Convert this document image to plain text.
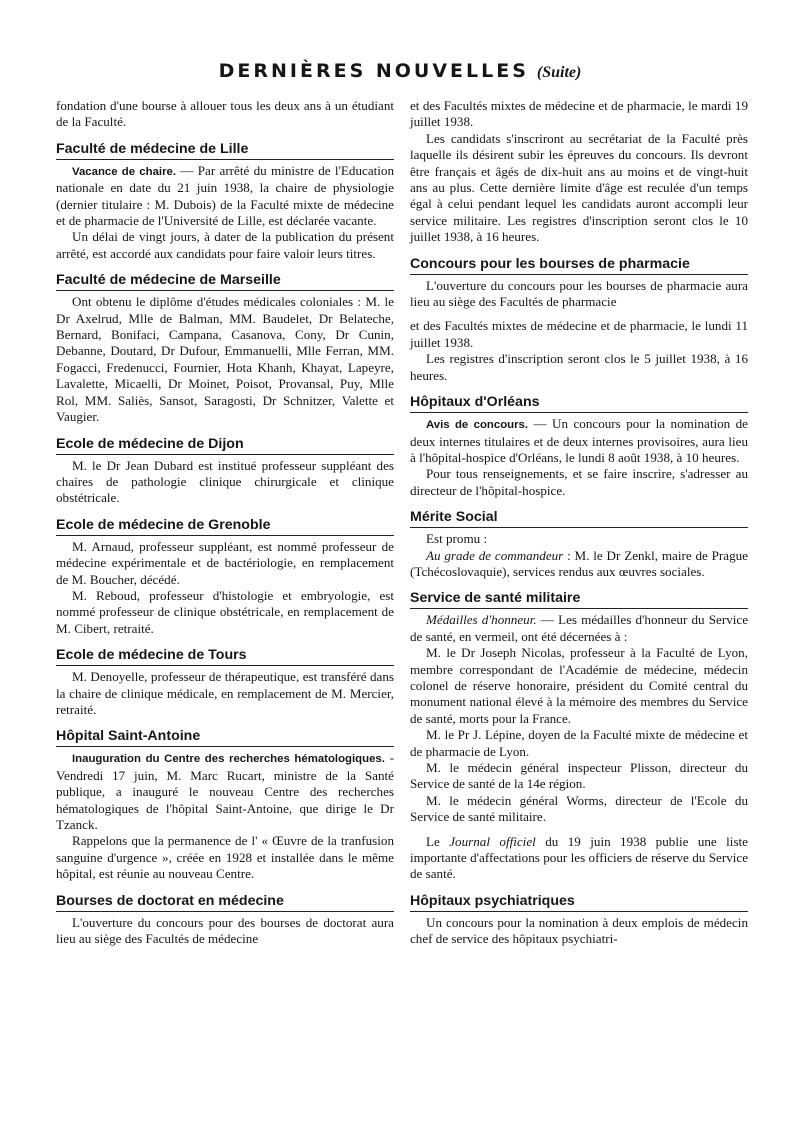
DERNIÈRES NOUVELLES (Suite)

fondation d'une bourse à allouer tous les deux ans à un étudiant de la Faculté.

Faculté de médecine de Lille

Vacance de chaire. — Par arrêté du ministre de l'Education nationale en date du 21 juin 1938, la chaire de physiologie (dernier titulaire : M. Dubois) de la Faculté mixte de médecine et de pharmacie de l'Université de Lille, est déclarée vacante.

Un délai de vingt jours, à dater de la publication du présent arrêté, est accordé aux candidats pour faire valoir leurs titres.

Faculté de médecine de Marseille

Ont obtenu le diplôme d'études médicales coloniales : M. le Dr Axelrud, Mlle de Balman, MM. Baudelet, Dr Belateche, Bernard, Bonifaci, Campana, Casanova, Cony, Dr Cunin, Debanne, Doutard, Dr Dufour, Emmanuelli, Mlle Ferran, MM. Fogacci, Fredenucci, Fournier, Hota Khanh, Khayat, Lapeyre, Lavalette, Micaelli, Dr Moinet, Poisot, Provansal, Puy, Mlle Rol, MM. Saliès, Sansot, Saragosti, Dr Schnitzer, Valette et Vaugier.

Ecole de médecine de Dijon

M. le Dr Jean Dubard est institué professeur suppléant des chaires de pathologie clinique chirurgicale et clinique obstétricale.

Ecole de médecine de Grenoble

M. Arnaud, professeur suppléant, est nommé professeur de médecine expérimentale et de bactériologie, en remplacement de M. Boucher, décédé.

M. Reboud, professeur d'histologie et embryologie, est nommé professeur de clinique obstétricale, en remplacement de M. Cibert, retraité.

Ecole de médecine de Tours

M. Denoyelle, professeur de thérapeutique, est transféré dans la chaire de clinique médicale, en remplacement de M. Mercier, retraité.

Hôpital Saint-Antoine

Inauguration du Centre des recherches hématologiques. - Vendredi 17 juin, M. Marc Rucart, ministre de la Santé publique, a inauguré le nouveau Centre des recherches hématologiques de l'hôpital Saint-Antoine, que dirige le Dr Tzanck.

Rappelons que la permanence de l' « Œuvre de la tranfusion sanguine d'urgence », créée en 1928 et installée dans le même hôpital, est réunie au nouveau Centre.

Bourses de doctorat en médecine

L'ouverture du concours pour des bourses de doctorat aura lieu au siège des Facultés de médecine

et des Facultés mixtes de médecine et de pharmacie, le mardi 19 juillet 1938.

Les candidats s'inscriront au secrétariat de la Faculté près laquelle ils désirent subir les épreuves du concours. Ils devront être français et âgés de dix-huit ans au moins et de vingt-huit ans au plus. Cette dernière limite d'âge est reculée d'un temps égal à celui pendant lequel les candidats auront accompli leur service militaire. Les registres d'inscription seront clos le 10 juillet 1938, à 16 heures.

Concours pour les bourses de pharmacie

L'ouverture du concours pour les bourses de pharmacie aura lieu au siège des Facultés de pharmacie

et des Facultés mixtes de médecine et de pharmacie, le lundi 11 juillet 1938.

Les registres d'inscription seront clos le 5 juillet 1938, à 16 heures.

Hôpitaux d'Orléans

Avis de concours. — Un concours pour la nomination de deux internes titulaires et de deux internes provisoires, aura lieu à l'hôpital-hospice d'Orléans, le lundi 8 août 1938, à 10 heures.

Pour tous renseignements, et se faire inscrire, s'adresser au directeur de l'hôpital-hospice.

Mérite Social

Est promu :

Au grade de commandeur : M. le Dr Zenkl, maire de Prague (Tchécoslovaquie), services rendus aux œuvres sociales.

Service de santé militaire

Médailles d'honneur. — Les médailles d'honneur du Service de santé, en vermeil, ont été décernées à :

M. le Dr Joseph Nicolas, professeur à la Faculté de Lyon, membre correspondant de l'Académie de médecine, médecin colonel de réserve honoraire, président du Comité central du monument national élevé à la mémoire des membres du Service de santé, morts pour la France.

M. le Pr J. Lépine, doyen de la Faculté mixte de médecine et de pharmacie de Lyon.

M. le médecin général inspecteur Plisson, directeur du Service de santé de la 14e région.

M. le médecin général Worms, directeur de l'Ecole du Service de santé militaire.

Le Journal officiel du 19 juin 1938 publie une liste importante d'affectations pour les officiers de réserve du Service de santé.

Hôpitaux psychiatriques

Un concours pour la nomination à deux emplois de médecin chef de service des hôpitaux psychiatri-
